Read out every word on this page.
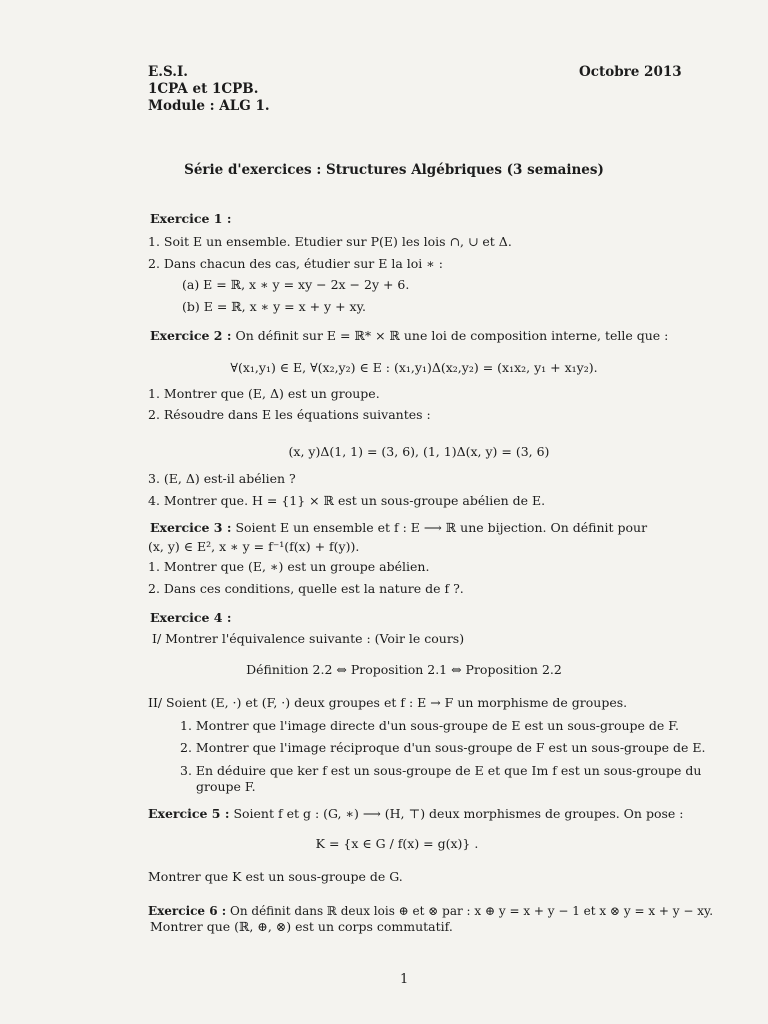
E.S.I.
1CPA et 1CPB.
Module : ALG 1.
Octobre 2013
Série d'exercices : Structures Algébriques (3 semaines)
Exercice 1 :
1. Soit E un ensemble. Etudier sur P(E) les lois ∩, ∪ et Δ.
2. Dans chacun des cas, étudier sur E la loi ∗ :
(a) E = ℝ, x ∗ y = xy − 2x − 2y + 6.
(b) E = ℝ, x ∗ y = x + y + xy.
Exercice 2 : On définit sur E = ℝ* × ℝ une loi de composition interne, telle que :
∀(x₁,y₁) ∈ E, ∀(x₂,y₂) ∈ E : (x₁,y₁)Δ(x₂,y₂) = (x₁x₂, y₁ + x₁y₂).
1. Montrer que (E, Δ) est un groupe.
2. Résoudre dans E les équations suivantes :
(x, y)Δ(1, 1) = (3, 6), (1, 1)Δ(x, y) = (3, 6)
3. (E, Δ) est-il abélien ?
4. Montrer que. H = {1} × ℝ est un sous-groupe abélien de E.
Exercice 3 : Soient E un ensemble et f : E ⟶ ℝ une bijection. On définit pour
(x, y) ∈ E², x ∗ y = f⁻¹(f(x) + f(y)).
1. Montrer que (E, ∗) est un groupe abélien.
2. Dans ces conditions, quelle est la nature de f ?.
Exercice 4 :
I/ Montrer l'équivalence suivante : (Voir le cours)
Définition 2.2 ⇔ Proposition 2.1 ⇔ Proposition 2.2
II/ Soient (E, ·) et (F, ·) deux groupes et f : E → F un morphisme de groupes.
1. Montrer que l'image directe d'un sous-groupe de E est un sous-groupe de F.
2. Montrer que l'image réciproque d'un sous-groupe de F est un sous-groupe de E.
3. En déduire que ker f est un sous-groupe de E et que Im f est un sous-groupe du
groupe F.
Exercice 5 : Soient f et g : (G, ∗) ⟶ (H, ⊤) deux morphismes de groupes. On pose :
K = {x ∈ G / f(x) = g(x)} .
Montrer que K est un sous-groupe de G.
Exercice 6 : On définit dans ℝ deux lois ⊕ et ⊗ par : x ⊕ y = x + y − 1 et x ⊗ y = x + y − xy.
Montrer que (ℝ, ⊕, ⊗) est un corps commutatif.
1
